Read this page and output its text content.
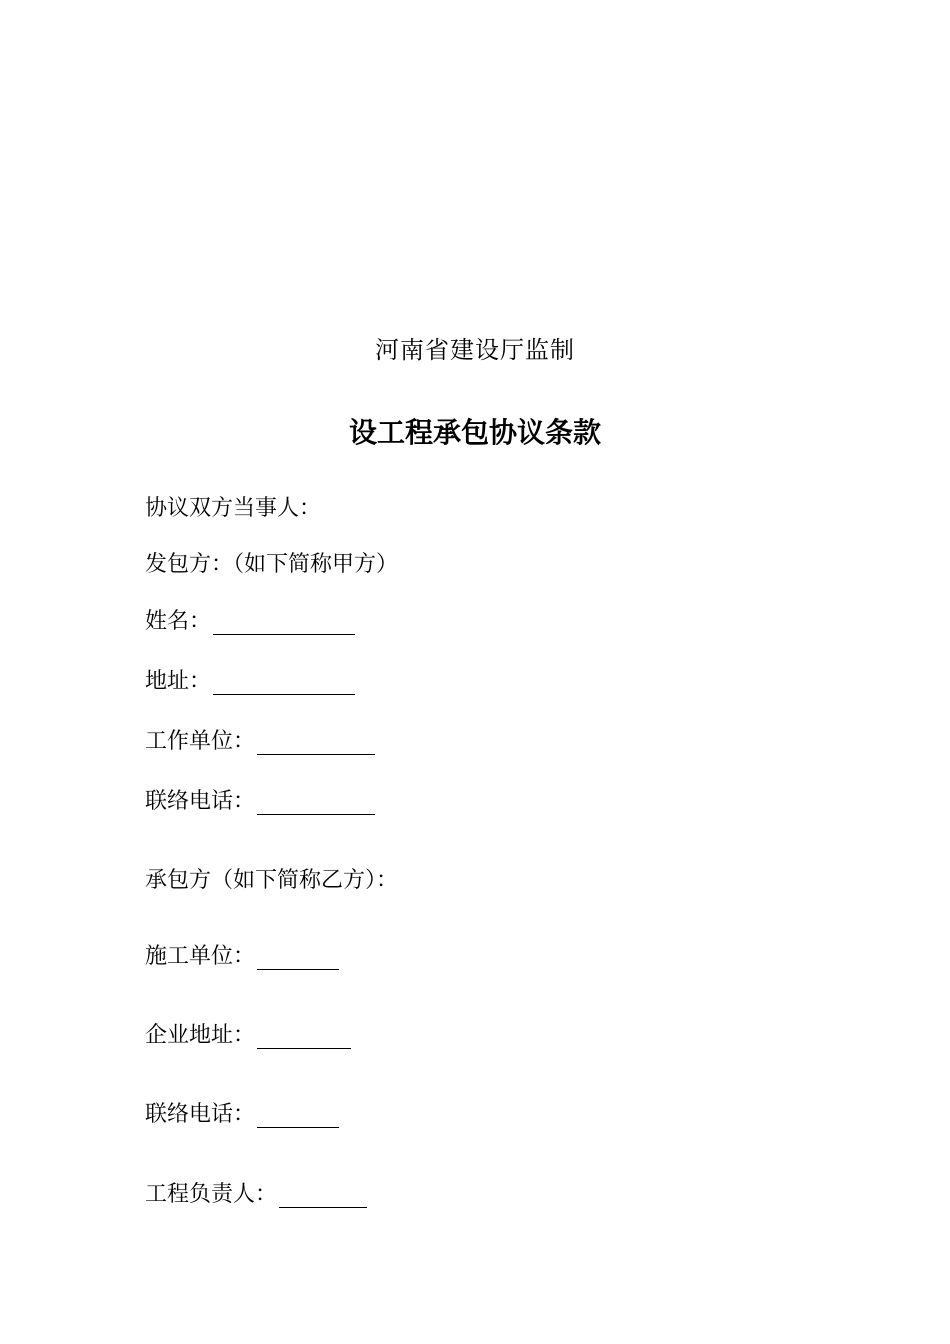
河南省建设厅监制
设工程承包协议条款
协议双方当事人：
发包方：（如下简称甲方）
姓名：
地址：
工作单位：
联络电话：
承包方（如下简称乙方）：
施工单位：
企业地址：
联络电话：
工程负责人：
